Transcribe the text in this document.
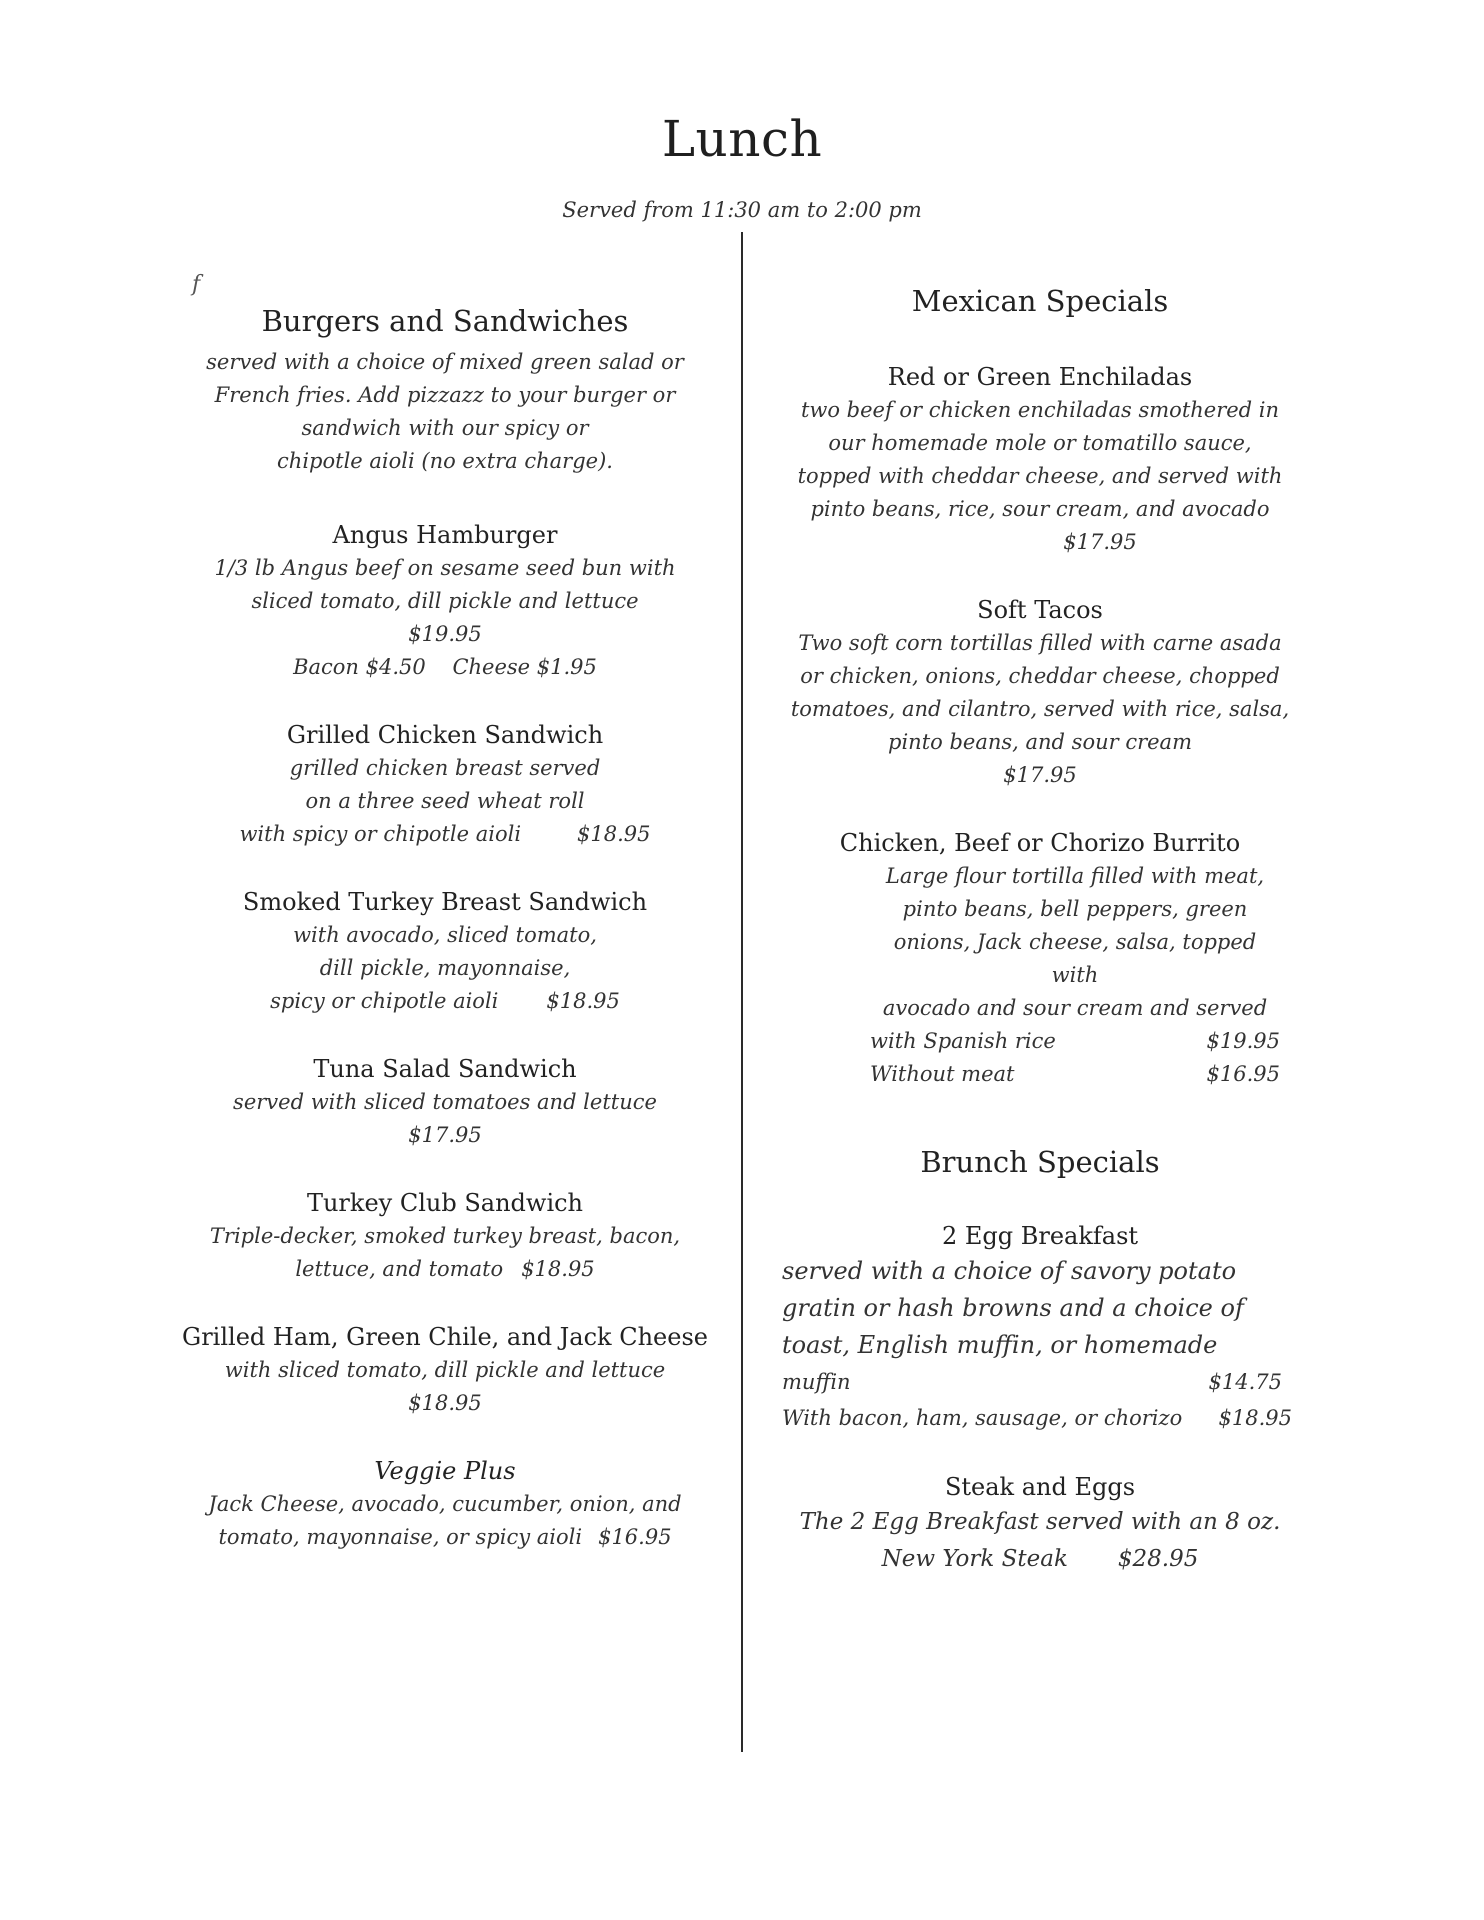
Lunch
Served from 11:30 am to 2:00 pm
f
Burgers and Sandwiches
served with a choice of mixed green salad or
French fries. Add pizzazz to your burger or
sandwich with our spicy or
chipotle aioli (no extra charge).
Angus Hamburger
1/3 lb Angus beef on sesame seed bun with
sliced tomato, dill pickle and lettuce
$19.95
Bacon $4.50    Cheese $1.95
Grilled Chicken Sandwich
grilled chicken breast served
on a three seed wheat roll
with spicy or chipotle aioli	$18.95
Smoked Turkey Breast Sandwich
with avocado, sliced tomato,
dill pickle, mayonnaise,
spicy or chipotle aioli $18.95
Tuna Salad Sandwich
served with sliced tomatoes and lettuce
$17.95
Turkey Club Sandwich
Triple-decker, smoked turkey breast, bacon,
lettuce, and tomato $18.95
Grilled Ham, Green Chile, and Jack Cheese
with sliced tomato, dill pickle and lettuce
$18.95
Veggie Plus
Jack Cheese, avocado, cucumber, onion, and
tomato, mayonnaise, or spicy aioli $16.95
Mexican Specials
Red or Green Enchiladas
two beef or chicken enchiladas smothered in
our homemade mole or tomatillo sauce,
topped with cheddar cheese, and served with
pinto beans, rice, sour cream, and avocado
$17.95
Soft Tacos
Two soft corn tortillas filled with carne asada
or chicken, onions, cheddar cheese, chopped
tomatoes, and cilantro, served with rice, salsa,
pinto beans, and sour cream
$17.95
Chicken, Beef or Chorizo Burrito
Large flour tortilla filled with meat,
pinto beans, bell peppers, green
onions, Jack cheese, salsa, topped with
avocado and sour cream and served
with Spanish rice	$19.95
Without meat	$16.95
Brunch Specials
2 Egg Breakfast
served with a choice of savory potato
gratin or hash browns and a choice of
toast, English muffin, or homemade
muffin	$14.75
With bacon, ham, sausage, or chorizo $18.95
Steak and Eggs
The 2 Egg Breakfast served with an 8 oz.
New York Steak $28.95
